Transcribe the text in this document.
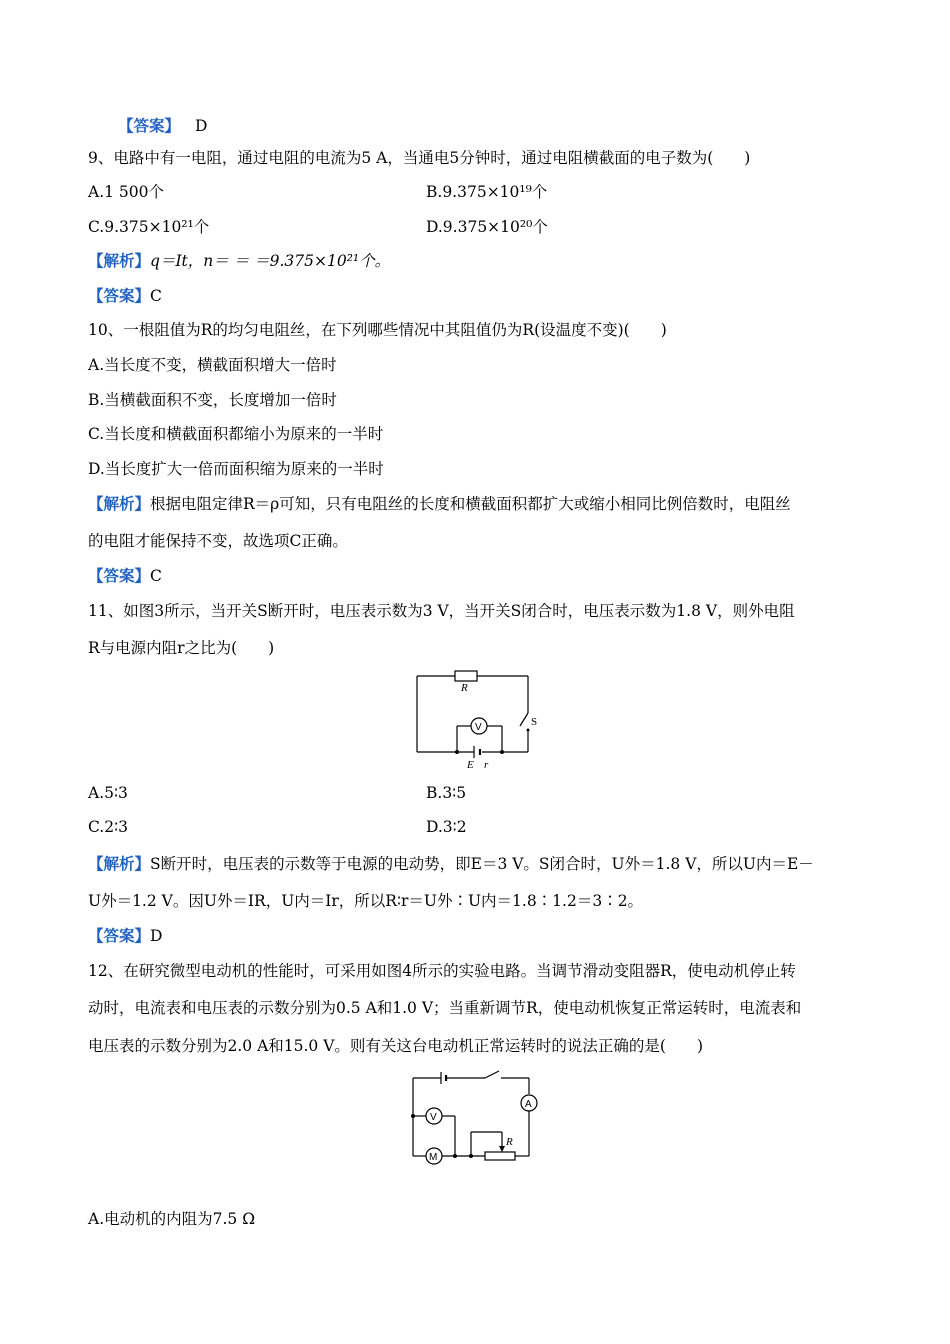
【答案】 D
9、电路中有一电阻，通过电阻的电流为5 A，当通电5分钟时，通过电阻横截面的电子数为(　　)
A.1 500个	B.9.375×10¹⁹个
C.9.375×10²¹个	D.9.375×10²⁰个
【解析】q＝It，n＝ ＝ ＝9.375×10²¹个。
【答案】C
10、一根阻值为R的均匀电阻丝，在下列哪些情况中其阻值仍为R(设温度不变)(　　)
A.当长度不变，横截面积增大一倍时
B.当横截面积不变，长度增加一倍时
C.当长度和横截面积都缩小为原来的一半时
D.当长度扩大一倍而面积缩为原来的一半时
【解析】根据电阻定律R＝ρ可知，只有电阻丝的长度和横截面积都扩大或缩小相同比例倍数时，电阻丝
的电阻才能保持不变，故选项C正确。
【答案】C
11、如图3所示，当开关S断开时，电压表示数为3 V，当开关S闭合时，电压表示数为1.8 V，则外电阻
R与电源内阻r之比为(　　)
R
V	S
E r
A.5∶3	B.3∶5
C.2∶3	D.3∶2
【解析】S断开时，电压表的示数等于电源的电动势，即E＝3 V。S闭合时，U外＝1.8 V，所以U内＝E－
U外＝1.2 V。因U外＝IR，U内＝Ir，所以R∶r＝U外∶U内＝1.8∶1.2＝3∶2。
【答案】D
12、在研究微型电动机的性能时，可采用如图4所示的实验电路。当调节滑动变阻器R，使电动机停止转
动时，电流表和电压表的示数分别为0.5 A和1.0 V；当重新调节R，使电动机恢复正常运转时，电流表和
电压表的示数分别为2.0 A和15.0 V。则有关这台电动机正常运转时的说法正确的是(　　)
A
V
M
R
A.电动机的内阻为7.5 Ω
